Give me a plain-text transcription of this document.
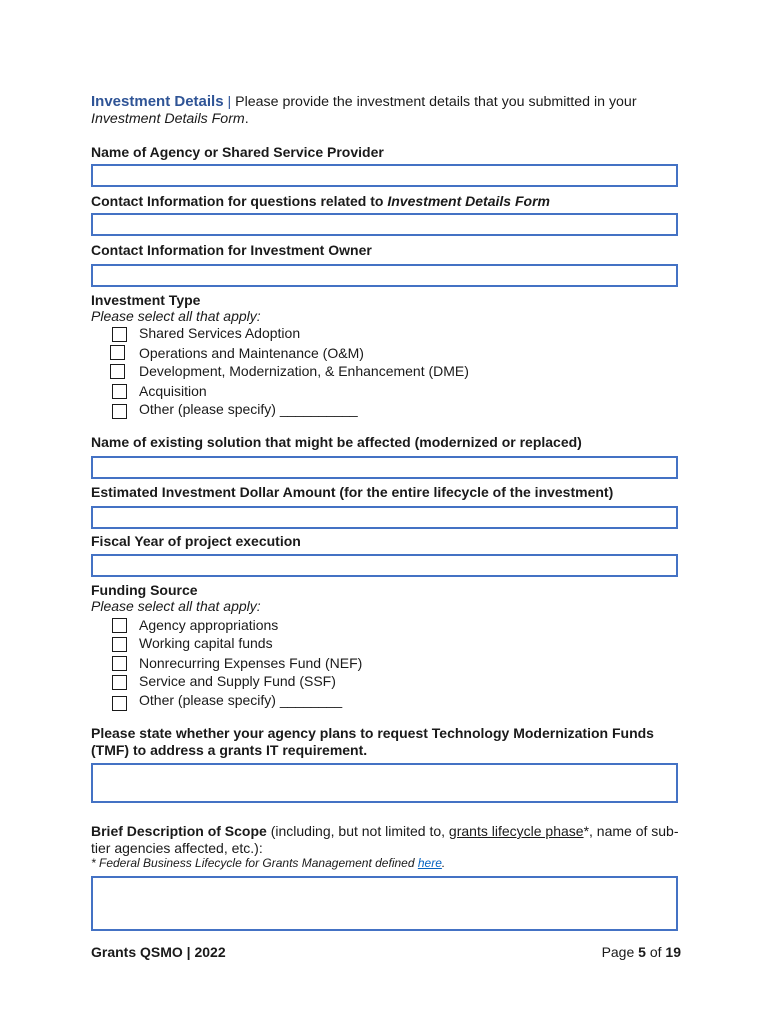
Investment Details | Please provide the investment details that you submitted in your Investment Details Form.
Name of Agency or Shared Service Provider
Contact Information for questions related to Investment Details Form
Contact Information for Investment Owner
Investment Type
Please select all that apply:
Shared Services Adoption
Operations and Maintenance (O&M)
Development, Modernization, & Enhancement (DME)
Acquisition
Other (please specify) __________
Name of existing solution that might be affected (modernized or replaced)
Estimated Investment Dollar Amount (for the entire lifecycle of the investment)
Fiscal Year of project execution
Funding Source
Please select all that apply:
Agency appropriations
Working capital funds
Nonrecurring Expenses Fund (NEF)
Service and Supply Fund (SSF)
Other (please specify) ________
Please state whether your agency plans to request Technology Modernization Funds (TMF) to address a grants IT requirement.
Brief Description of Scope (including, but not limited to, grants lifecycle phase*, name of sub-tier agencies affected, etc.):
* Federal Business Lifecycle for Grants Management defined here.
Grants QSMO | 2022	Page 5 of 19
